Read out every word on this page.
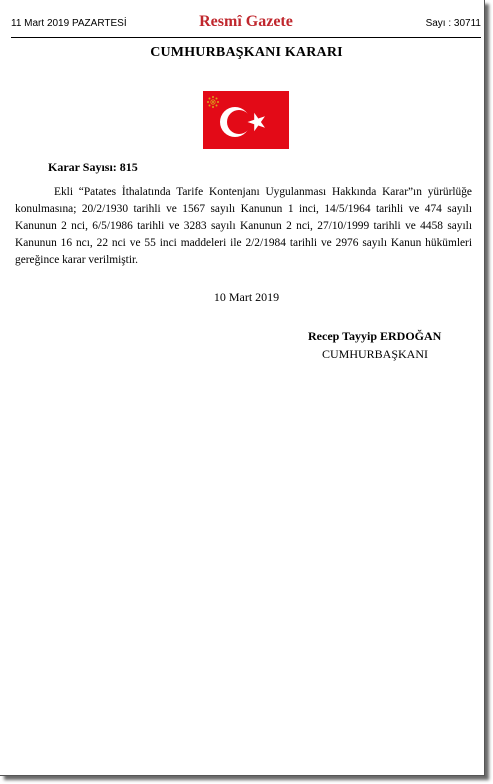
11 Mart 2019 PAZARTESİ	Resmî Gazete	Sayı : 30711
CUMHURBAŞKANI KARARI
Karar Sayısı: 815

Ekli “Patates İthalatında Tarife Kontenjanı Uygulanması Hakkında Karar”ın yürürlüğe konulmasına; 20/2/1930 tarihli ve 1567 sayılı Kanunun 1 inci, 14/5/1964 tarihli ve 474 sayılı Kanunun 2 nci, 6/5/1986 tarihli ve 3283 sayılı Kanunun 2 nci, 27/10/1999 tarihli ve 4458 sayılı Kanunun 16 ncı, 22 nci ve 55 inci maddeleri ile 2/2/1984 tarihli ve 2976 sayılı Kanun hükümleri gereğince karar verilmiştir.

10 Mart 2019
Recep Tayyip ERDOĞAN
CUMHURBAŞKANI
